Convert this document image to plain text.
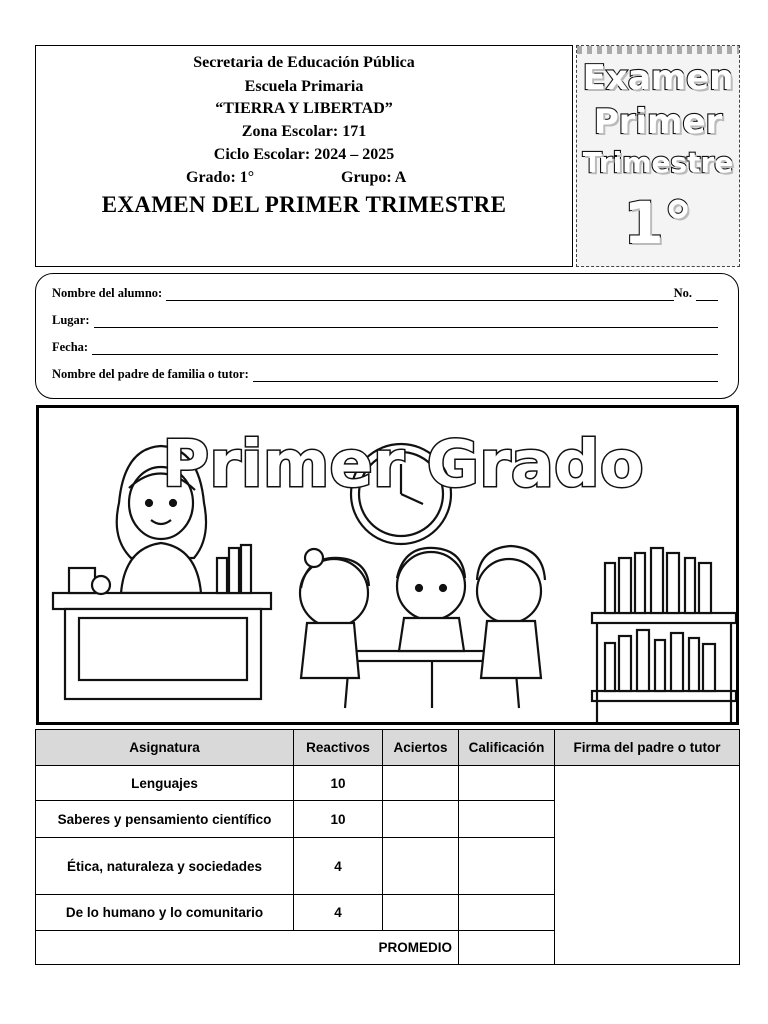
Secretaria de Educación Pública
Escuela Primaria
“TIERRA Y LIBERTAD”
Zona Escolar: 171
Ciclo Escolar: 2024 – 2025
Grado: 1°	Grupo: A
EXAMEN DEL PRIMER TRIMESTRE
Examen
Primer
Trimestre
1°
Nombre del alumno:	No.
Lugar:
Fecha:
Nombre del padre de familia o tutor:
Primer Grado
Asignatura	Reactivos	Aciertos	Calificación	Firma del padre o tutor
Lenguajes	10			
Saberes y pensamiento científico	10			
Ética, naturaleza y sociedades	4			
De lo humano y lo comunitario	4			
PROMEDIO				
